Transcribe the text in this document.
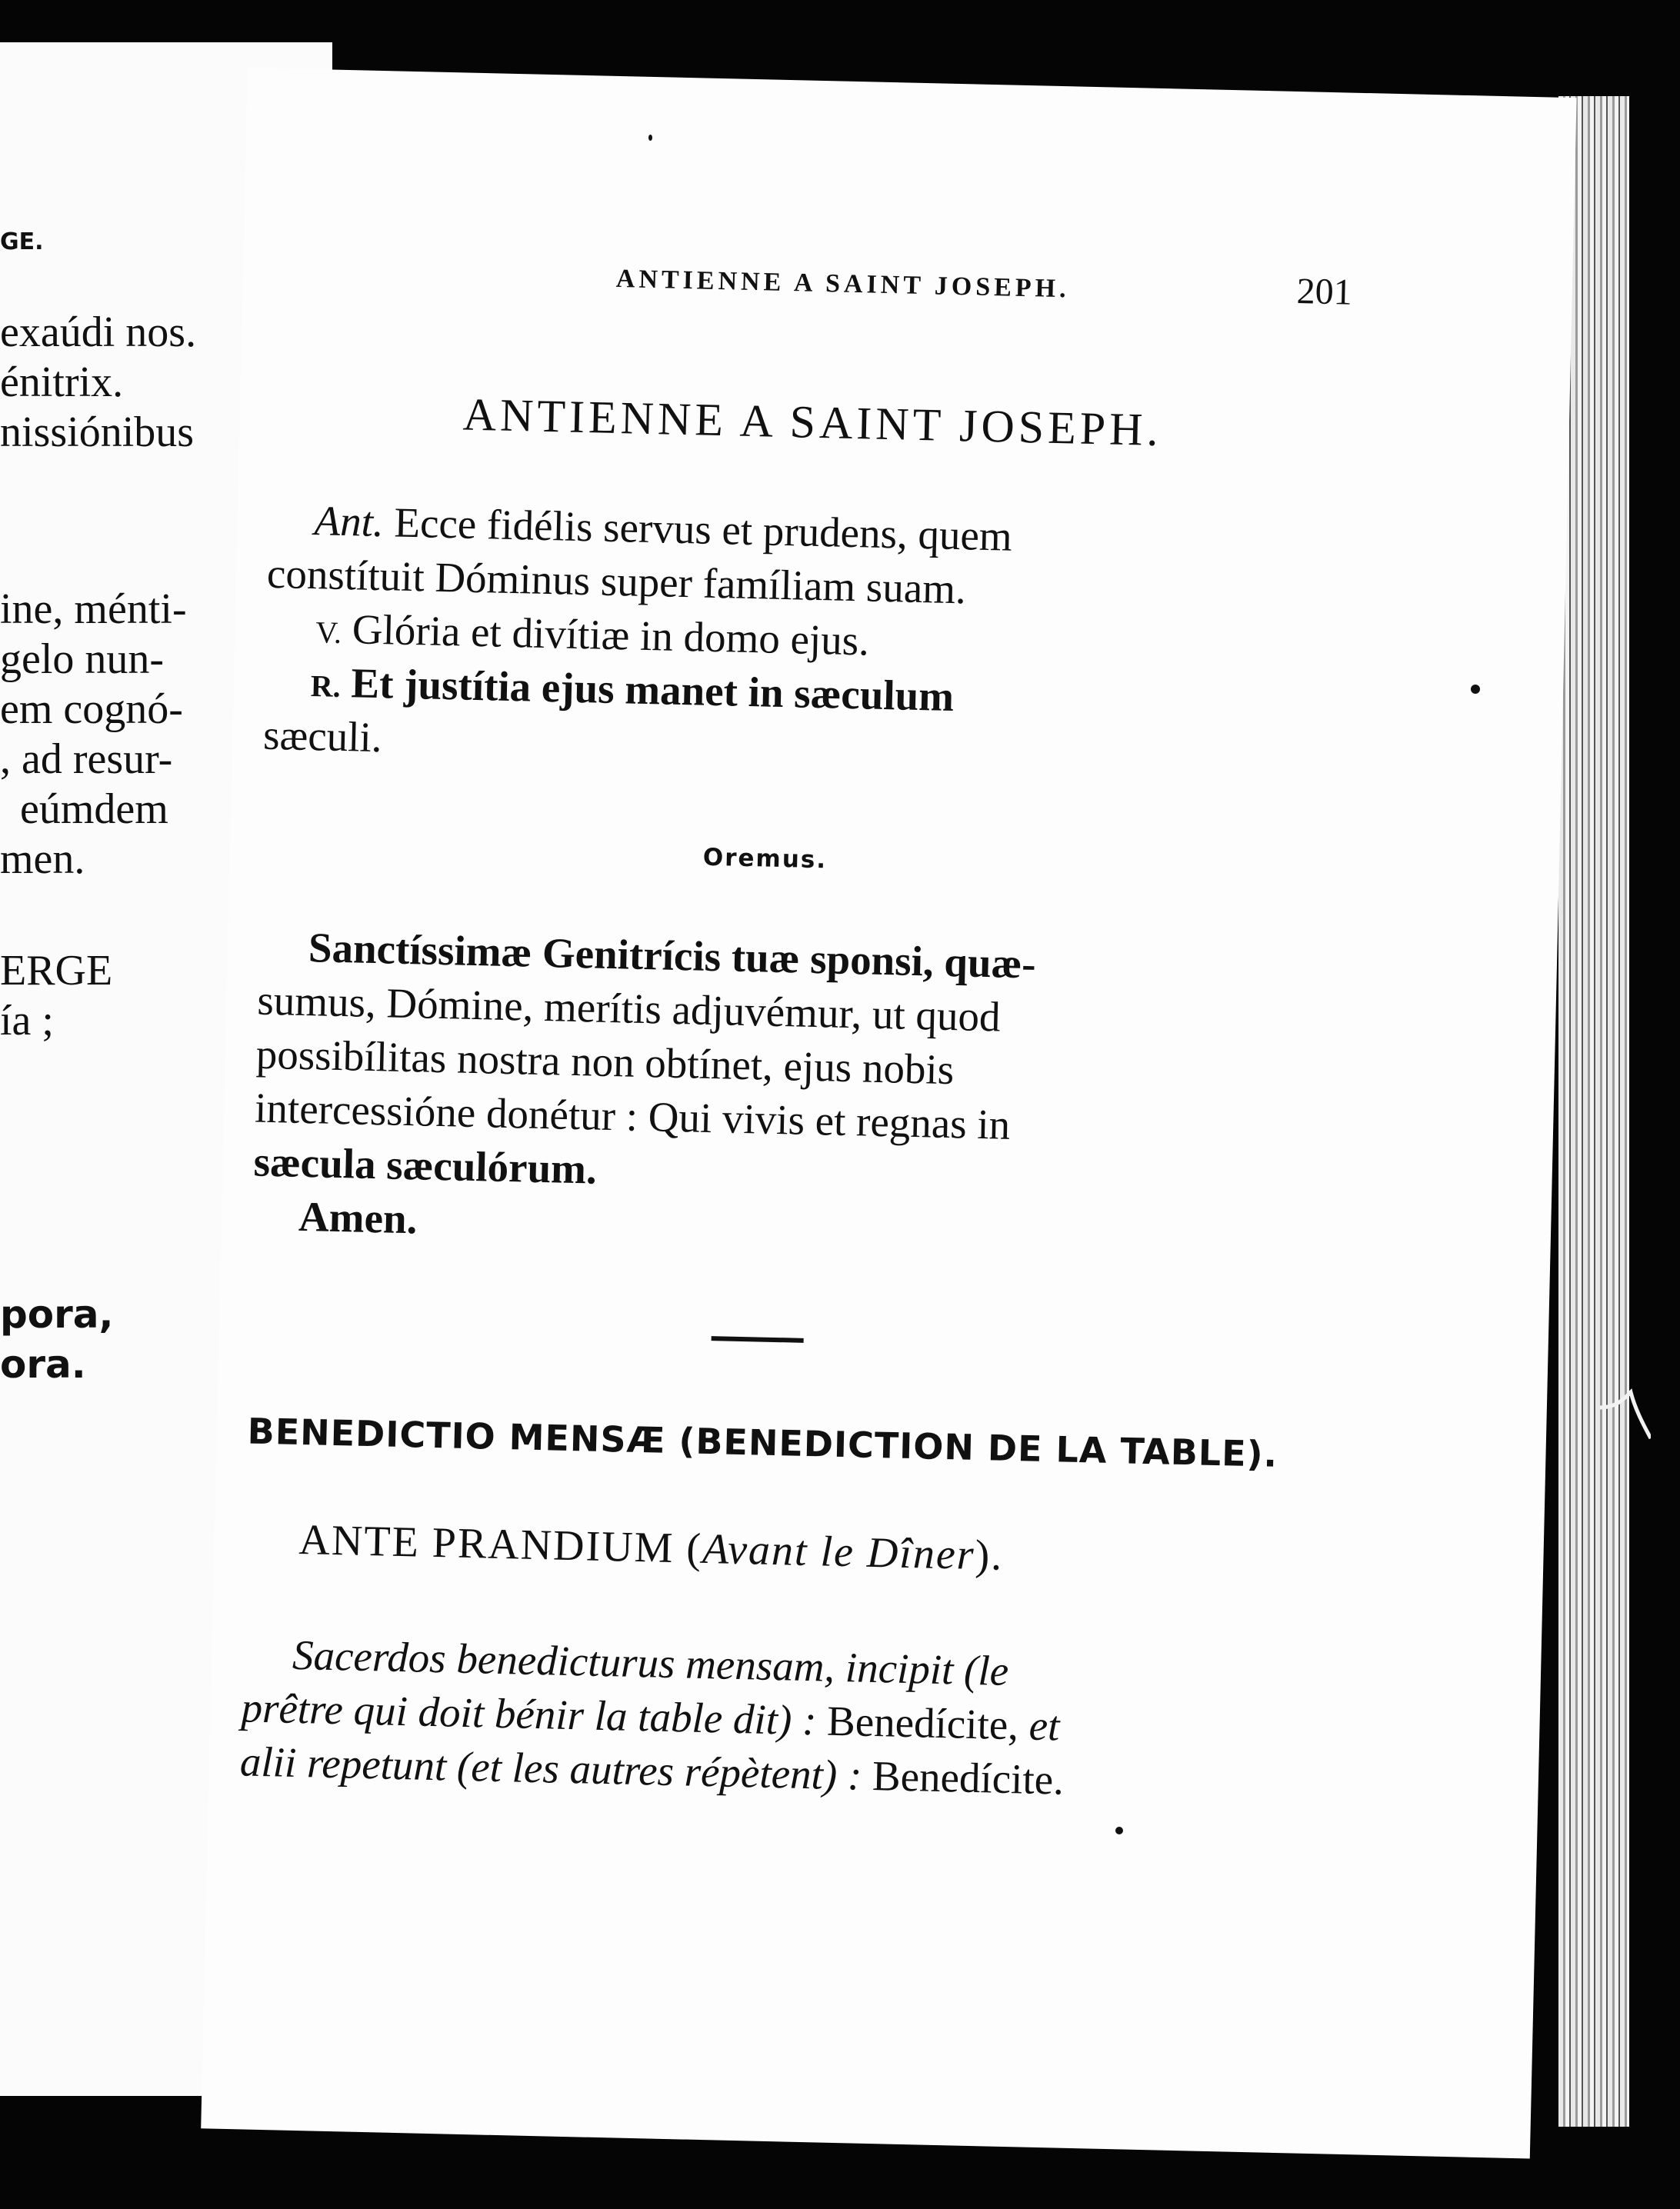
GE.
exaúdi nos.
énitrix.
nissiónibus
ine, ménti-
gelo nun-
em cognó-
, ad resur-
eúmdem
men.
ERGE
ía ;
pora,
ora.
ANTIENNE A SAINT JOSEPH.	201
ANTIENNE A SAINT JOSEPH.
Ant. Ecce fidélis servus et prudens, quem
constítuit Dóminus super famíliam suam.
V. Glória et divítiæ in domo ejus.
R. Et justítia ejus manet in sæculum
sæculi.
Oremus.
Sanctíssimæ Genitrícis tuæ sponsi, quæ-
sumus, Dómine, merítis adjuvémur, ut quod
possibílitas nostra non obtínet, ejus nobis
intercessióne donétur : Qui vivis et regnas in
sæcula sæculórum.
Amen.
BENEDICTIO MENSÆ (BENEDICTION DE LA TABLE).
ANTE PRANDIUM (Avant le Dîner).
Sacerdos benedicturus mensam, incipit (le
prêtre qui doit bénir la table dit) : Benedícite, et
alii repetunt (et les autres répètent) : Benedícite.
